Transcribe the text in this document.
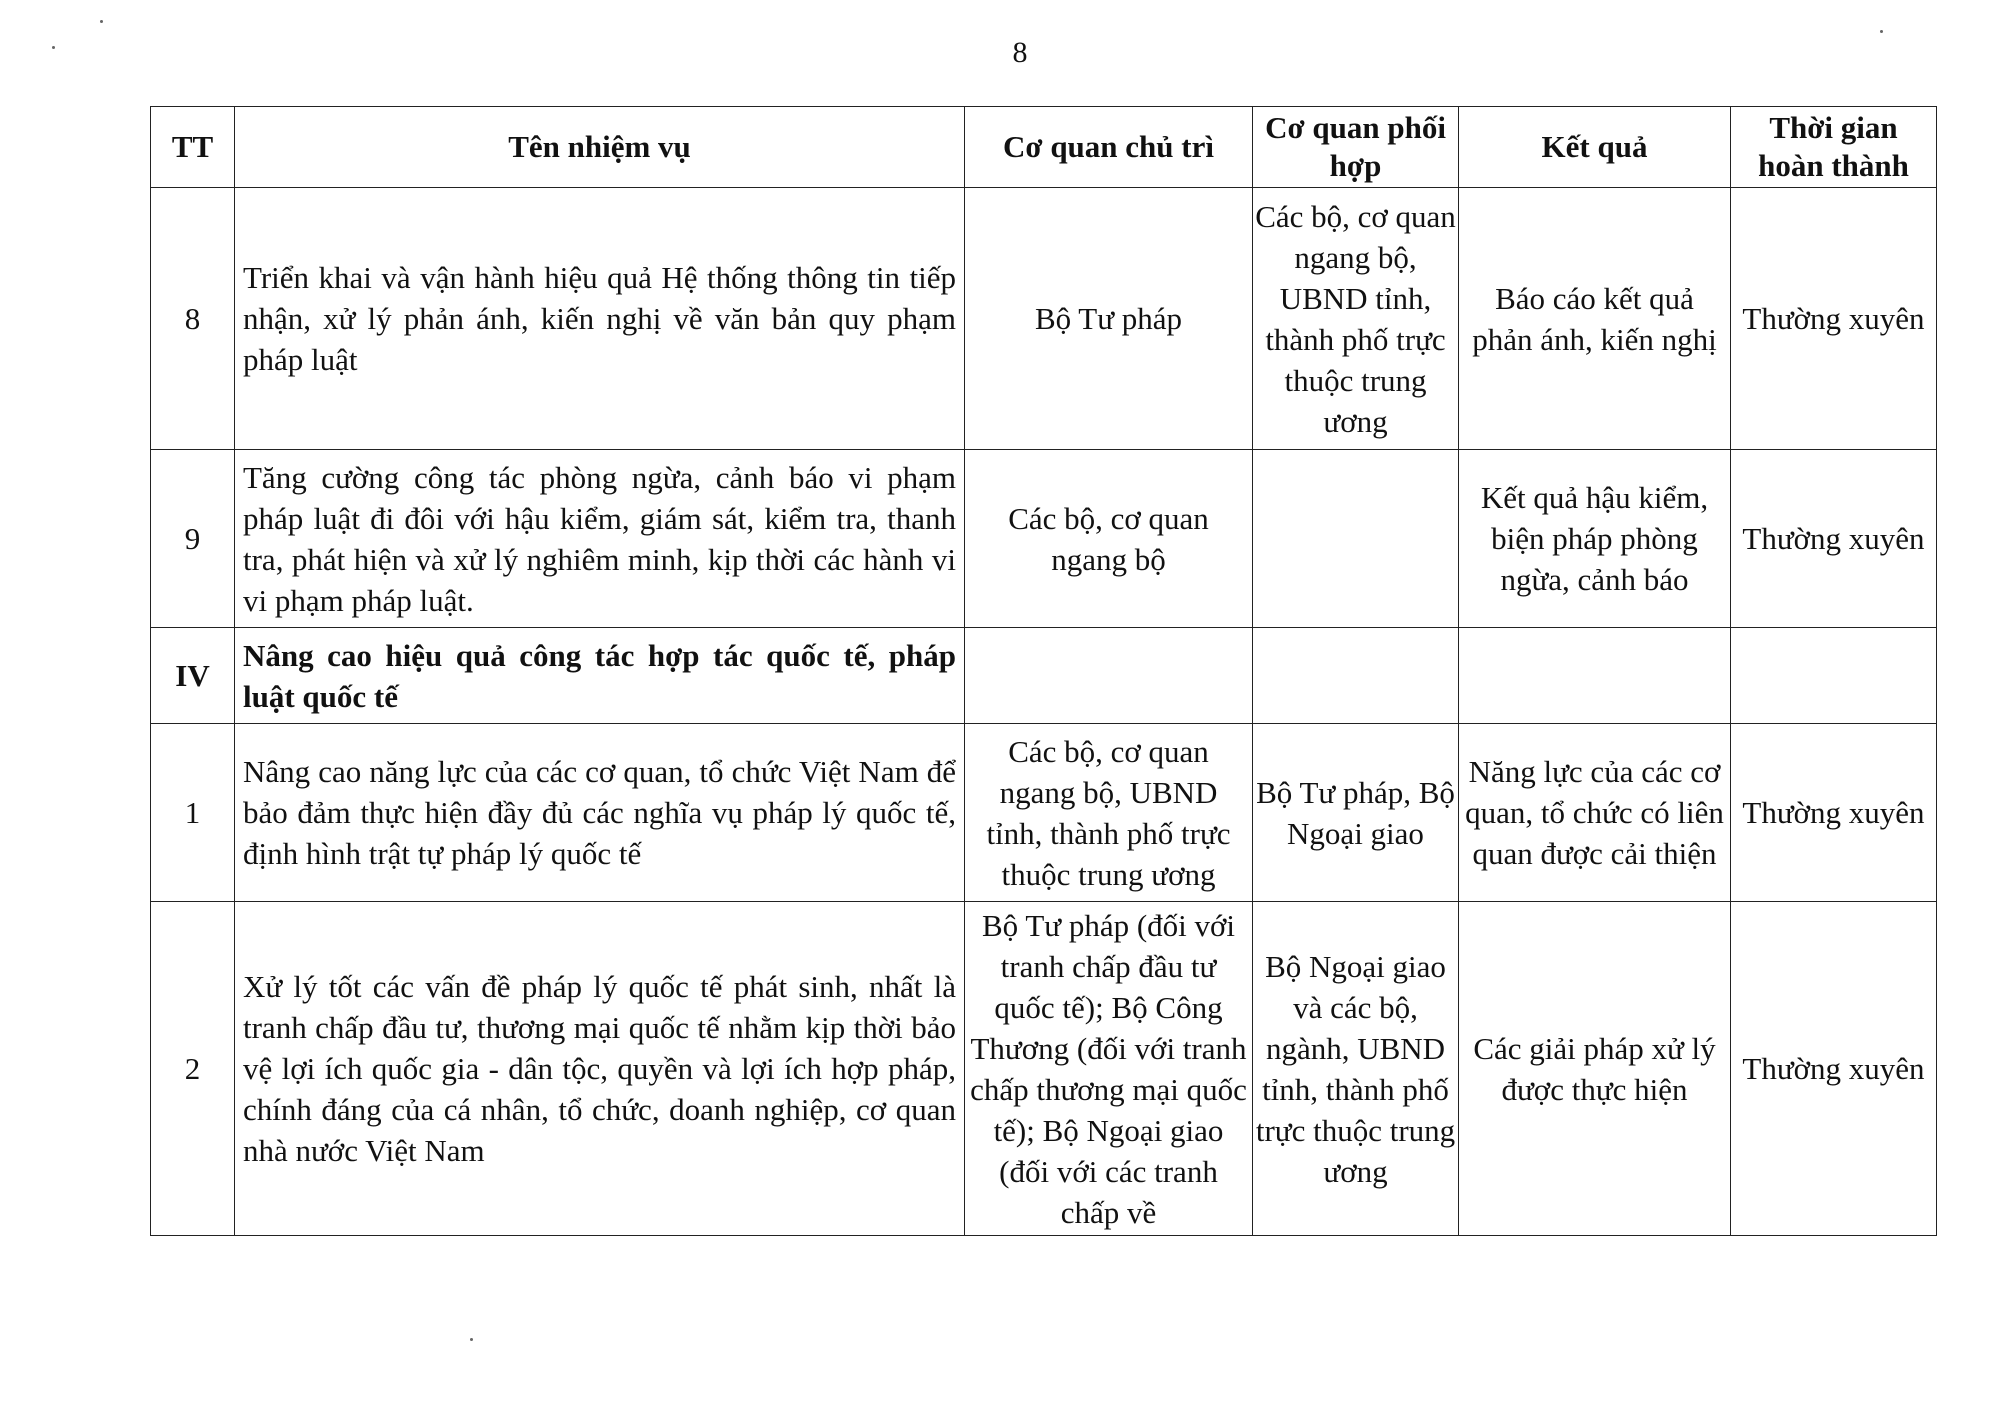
8
TT	Tên nhiệm vụ	Cơ quan chủ trì	Cơ quan phối hợp	Kết quả	Thời gian hoàn thành
8	Triển khai và vận hành hiệu quả Hệ thống thông tin tiếp nhận, xử lý phản ánh, kiến nghị về văn bản quy phạm pháp luật	Bộ Tư pháp	Các bộ, cơ quan ngang bộ, UBND tỉnh, thành phố trực thuộc trung ương	Báo cáo kết quả phản ánh, kiến nghị	Thường xuyên
9	Tăng cường công tác phòng ngừa, cảnh báo vi phạm pháp luật đi đôi với hậu kiểm, giám sát, kiểm tra, thanh tra, phát hiện và xử lý nghiêm minh, kịp thời các hành vi vi phạm pháp luật.	Các bộ, cơ quan ngang bộ		Kết quả hậu kiểm, biện pháp phòng ngừa, cảnh báo	Thường xuyên
IV	Nâng cao hiệu quả công tác hợp tác quốc tế, pháp luật quốc tế				
1	Nâng cao năng lực của các cơ quan, tổ chức Việt Nam để bảo đảm thực hiện đầy đủ các nghĩa vụ pháp lý quốc tế, định hình trật tự pháp lý quốc tế	Các bộ, cơ quan ngang bộ, UBND tỉnh, thành phố trực thuộc trung ương	Bộ Tư pháp, Bộ Ngoại giao	Năng lực của các cơ quan, tổ chức có liên quan được cải thiện	Thường xuyên
2	Xử lý tốt các vấn đề pháp lý quốc tế phát sinh, nhất là tranh chấp đầu tư, thương mại quốc tế nhằm kịp thời bảo vệ lợi ích quốc gia - dân tộc, quyền và lợi ích hợp pháp, chính đáng của cá nhân, tổ chức, doanh nghiệp, cơ quan nhà nước Việt Nam	Bộ Tư pháp (đối với tranh chấp đầu tư quốc tế); Bộ Công Thương (đối với tranh chấp thương mại quốc tế); Bộ Ngoại giao (đối với các tranh chấp về	Bộ Ngoại giao và các bộ, ngành, UBND tỉnh, thành phố trực thuộc trung ương	Các giải pháp xử lý được thực hiện	Thường xuyên
